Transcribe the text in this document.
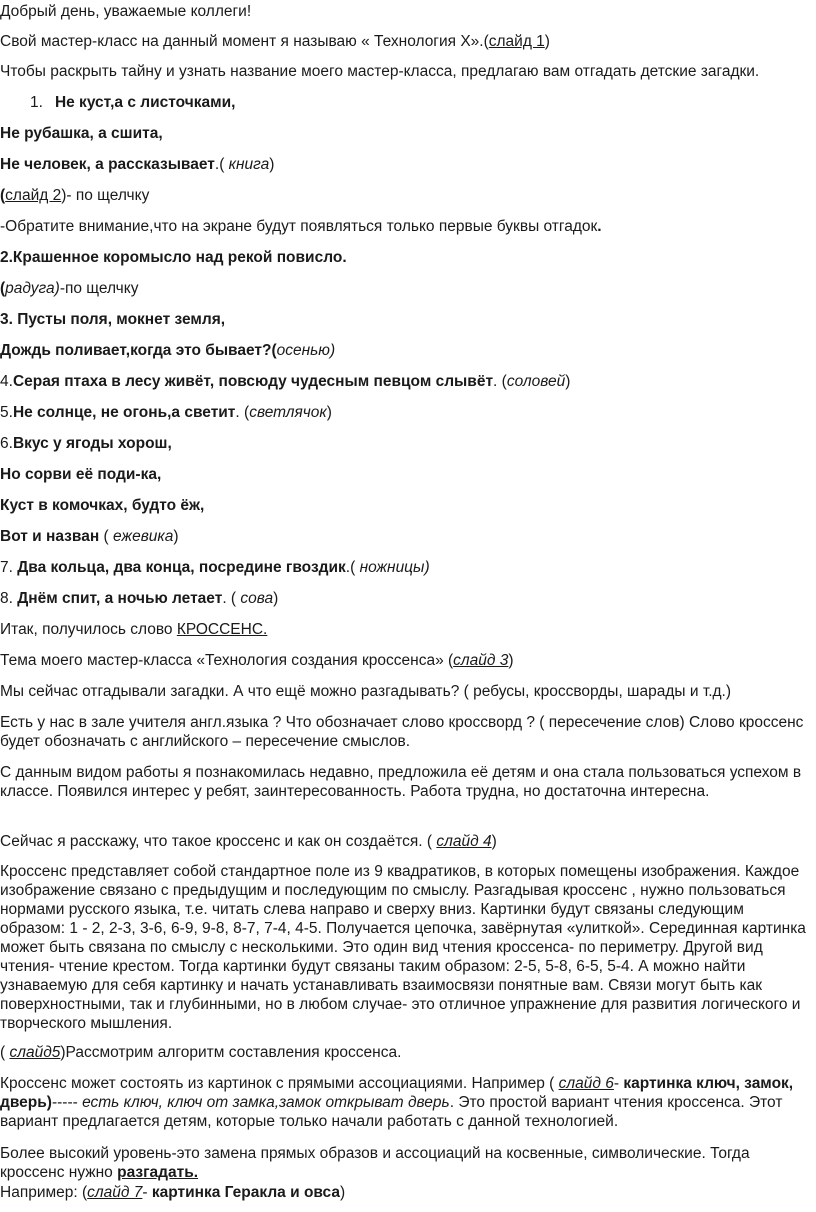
Добрый день, уважаемые коллеги!
Свой мастер-класс на данный момент я называю « Технология Х».(слайд 1)
Чтобы раскрыть тайну и узнать название моего мастер-класса, предлагаю вам отгадать детские загадки.
1. Не куст,а с листочками,
Не рубашка, а сшита,
Не человек, а рассказывает.( книга)
(слайд 2)- по щелчку
-Обратите внимание,что на экране будут появляться только первые буквы отгадок.
2.Крашенное коромысло над рекой повисло.
(радуга)-по щелчку
3. Пусты поля, мокнет земля,
Дождь поливает,когда это бывает?(осенью)
4.Серая птаха в лесу живёт, повсюду чудесным певцом слывёт. (соловей)
5.Не солнце, не огонь,а светит. (светлячок)
6.Вкус у ягоды хорош,
Но сорви её поди-ка,
Куст в комочках, будто ёж,
Вот и назван ( ежевика)
7. Два кольца, два конца, посредине гвоздик.( ножницы)
8. Днём спит, а ночью летает. ( сова)
Итак, получилось слово КРОССЕНС.
Тема моего мастер-класса «Технология создания кроссенса» (слайд 3)
Мы сейчас отгадывали загадки. А что ещё можно разгадывать? ( ребусы, кроссворды, шарады и т.д.)
Есть у нас в зале учителя англ.языка ? Что обозначает слово кроссворд ? ( пересечение слов) Слово кроссенс будет обозначать с английского – пересечение смыслов.
С данным видом работы я познакомилась недавно, предложила её детям и она стала пользоваться успехом в классе. Появился интерес у ребят, заинтересованность. Работа трудна, но достаточна интересна.
Сейчас я расскажу, что такое кроссенс и как он создаётся. ( слайд 4)
Кроссенс представляет собой стандартное поле из 9 квадратиков, в которых помещены изображения. Каждое изображение связано с предыдущим и последующим по смыслу. Разгадывая кроссенс , нужно пользоваться нормами русского языка, т.е. читать слева направо и сверху вниз. Картинки будут связаны следующим образом: 1 - 2, 2-3, 3-6, 6-9, 9-8, 8-7, 7-4, 4-5. Получается цепочка, завёрнутая «улиткой». Серединная картинка может быть связана по смыслу с несколькими. Это один вид чтения кроссенса- по периметру. Другой вид чтения- чтение крестом. Тогда картинки будут связаны таким образом: 2-5, 5-8, 6-5, 5-4. А можно найти узнаваемую для себя картинку и начать устанавливать взаимосвязи понятные вам. Связи могут быть как поверхностными, так и глубинными, но в любом случае- это отличное упражнение для развития логического и творческого мышления.
( слайд5)Рассмотрим алгоритм составления кроссенса.
Кроссенс может состоять из картинок с прямыми ассоциациями. Например ( слайд 6- картинка ключ, замок, дверь)----- есть ключ, ключ от замка,замок открыват дверь. Это простой вариант чтения кроссенса. Этот вариант предлагается детям, которые только начали работать с данной технологией.
Более высокий уровень-это замена прямых образов и ассоциаций на косвенные, символические. Тогда кроссенс нужно разгадать.
Например: (слайд 7- картинка Геракла и овса)
